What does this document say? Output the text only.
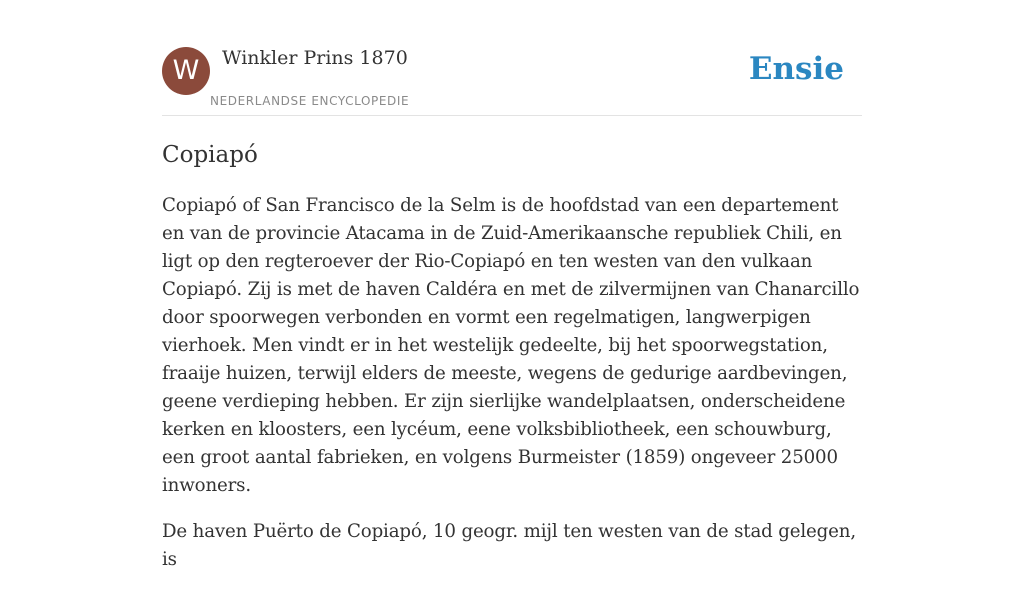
W	Winkler Prins 1870
NEDERLANDSE ENCYCLOPEDIE
Ensie
Copiapó

Copiapó of San Francisco de la Selm is de hoofdstad van een departement en van de provincie Atacama in de Zuid-Amerikaansche republiek Chili, en ligt op den regteroever der Rio-Copiapó en ten westen van den vulkaan Copiapó. Zij is met de haven Caldéra en met de zilvermijnen van Chanarcillo door spoorwegen verbonden en vormt een regelmatigen, langwerpigen vierhoek. Men vindt er in het westelijk gedeelte, bij het spoorwegstation, fraaije huizen, terwijl elders de meeste, wegens de gedurige aardbevingen, geene verdieping hebben. Er zijn sierlijke wandelplaatsen, onderscheidene kerken en kloosters, een lycéum, eene volksbibliotheek, een schouwburg, een groot aantal fabrieken, en volgens Burmeister (1859) ongeveer 25000 inwoners.

De haven Puërto de Copiapó, 10 geogr. mijl ten westen van de stad gelegen, is
